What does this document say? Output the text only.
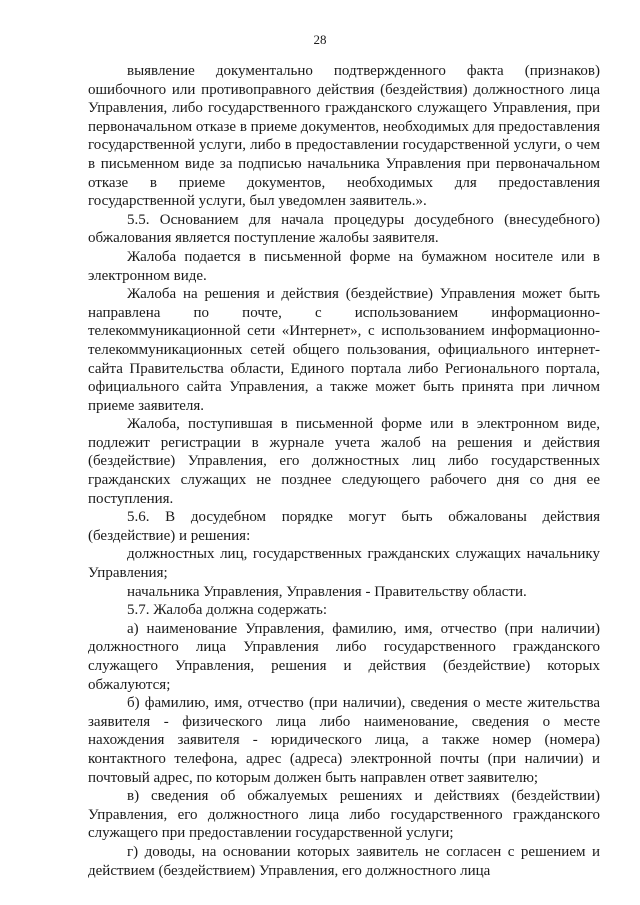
28

выявление документально подтвержденного факта (признаков) ошибочного или противоправного действия (бездействия) должностного лица Управления, либо государственного гражданского служащего Управления, при первоначальном отказе в приеме документов, необходимых для предоставления государственной услуги, либо в предоставлении государственной услуги, о чем в письменном виде за подписью начальника Управления при первоначальном отказе в приеме документов, необходимых для предоставления государственной услуги, был уведомлен заявитель.».

5.5. Основанием для начала процедуры досудебного (внесудебного) обжалования является поступление жалобы заявителя.

Жалоба подается в письменной форме на бумажном носителе или в электронном виде.

Жалоба на решения и действия (бездействие) Управления может быть направлена по почте, с использованием информационно-телекоммуникационной сети «Интернет», с использованием информационно-телекоммуникационных сетей общего пользования, официального интернет-сайта Правительства области, Единого портала либо Регионального портала, официального сайта Управления, а также может быть принята при личном приеме заявителя.

Жалоба, поступившая в письменной форме или в электронном виде, подлежит регистрации в журнале учета жалоб на решения и действия (бездействие) Управления, его должностных лиц либо государственных гражданских служащих не позднее следующего рабочего дня со дня ее поступления.

5.6. В досудебном порядке могут быть обжалованы действия (бездействие) и решения:

должностных лиц, государственных гражданских служащих начальнику Управления;

начальника Управления, Управления - Правительству области.

5.7. Жалоба должна содержать:

а) наименование Управления, фамилию, имя, отчество (при наличии) должностного лица Управления либо государственного гражданского служащего Управления, решения и действия (бездействие) которых обжалуются;

б) фамилию, имя, отчество (при наличии), сведения о месте жительства заявителя - физического лица либо наименование, сведения о месте нахождения заявителя - юридического лица, а также номер (номера) контактного телефона, адрес (адреса) электронной почты (при наличии) и почтовый адрес, по которым должен быть направлен ответ заявителю;

в) сведения об обжалуемых решениях и действиях (бездействии) Управления, его должностного лица либо государственного гражданского служащего при предоставлении государственной услуги;

г) доводы, на основании которых заявитель не согласен с решением и действием (бездействием) Управления, его должностного лица
